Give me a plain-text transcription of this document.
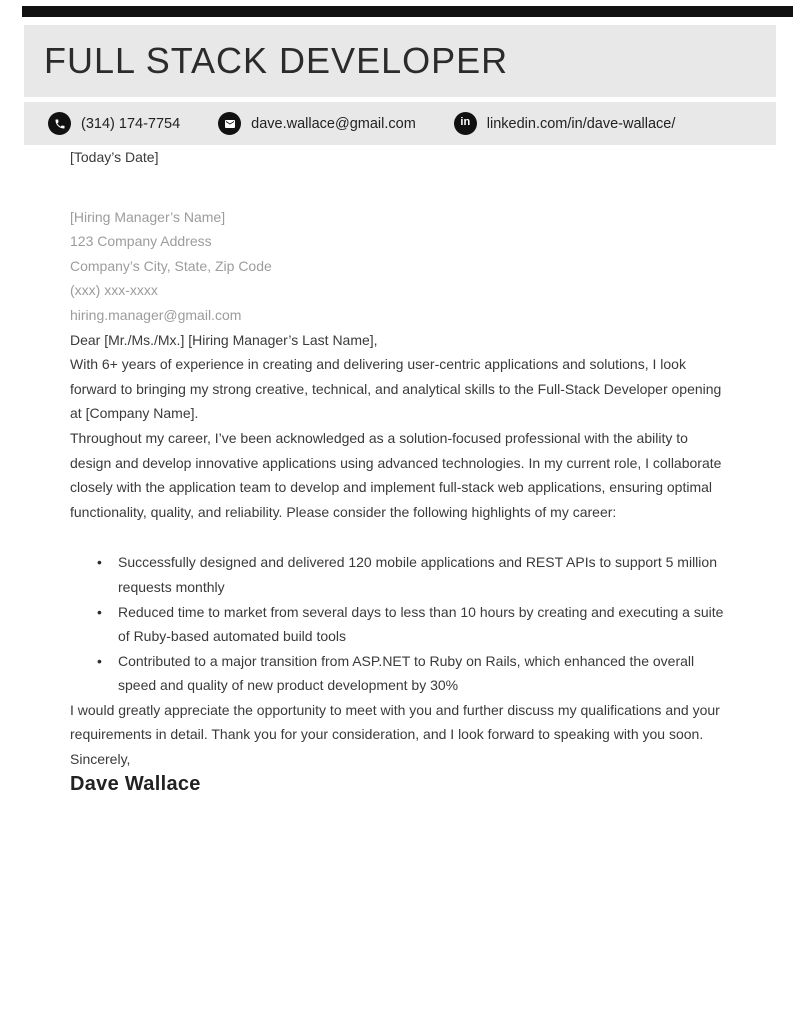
FULL STACK DEVELOPER
(314) 174-7754	dave.wallace@gmail.com	in linkedin.com/in/dave-wallace/

[Today’s Date]

[Hiring Manager’s Name]

123 Company Address

Company’s City, State, Zip Code

(xxx) xxx-xxxx

hiring.manager@gmail.com

Dear [Mr./Ms./Mx.] [Hiring Manager’s Last Name],

With 6+ years of experience in creating and delivering user-centric applications and solutions, I look forward to bringing my strong creative, technical, and analytical skills to the Full-Stack Developer opening at [Company Name].

Throughout my career, I’ve been acknowledged as a solution-focused professional with the ability to design and develop innovative applications using advanced technologies. In my current role, I collaborate closely with the application team to develop and implement full-stack web applications, ensuring optimal functionality, quality, and reliability. Please consider the following highlights of my career:

• Successfully designed and delivered 120 mobile applications and REST APIs to support 5 million requests monthly
• Reduced time to market from several days to less than 10 hours by creating and executing a suite of Ruby-based automated build tools
• Contributed to a major transition from ASP.NET to Ruby on Rails, which enhanced the overall speed and quality of new product development by 30%

I would greatly appreciate the opportunity to meet with you and further discuss my qualifications and your requirements in detail. Thank you for your consideration, and I look forward to speaking with you soon.

Sincerely,

Dave Wallace
